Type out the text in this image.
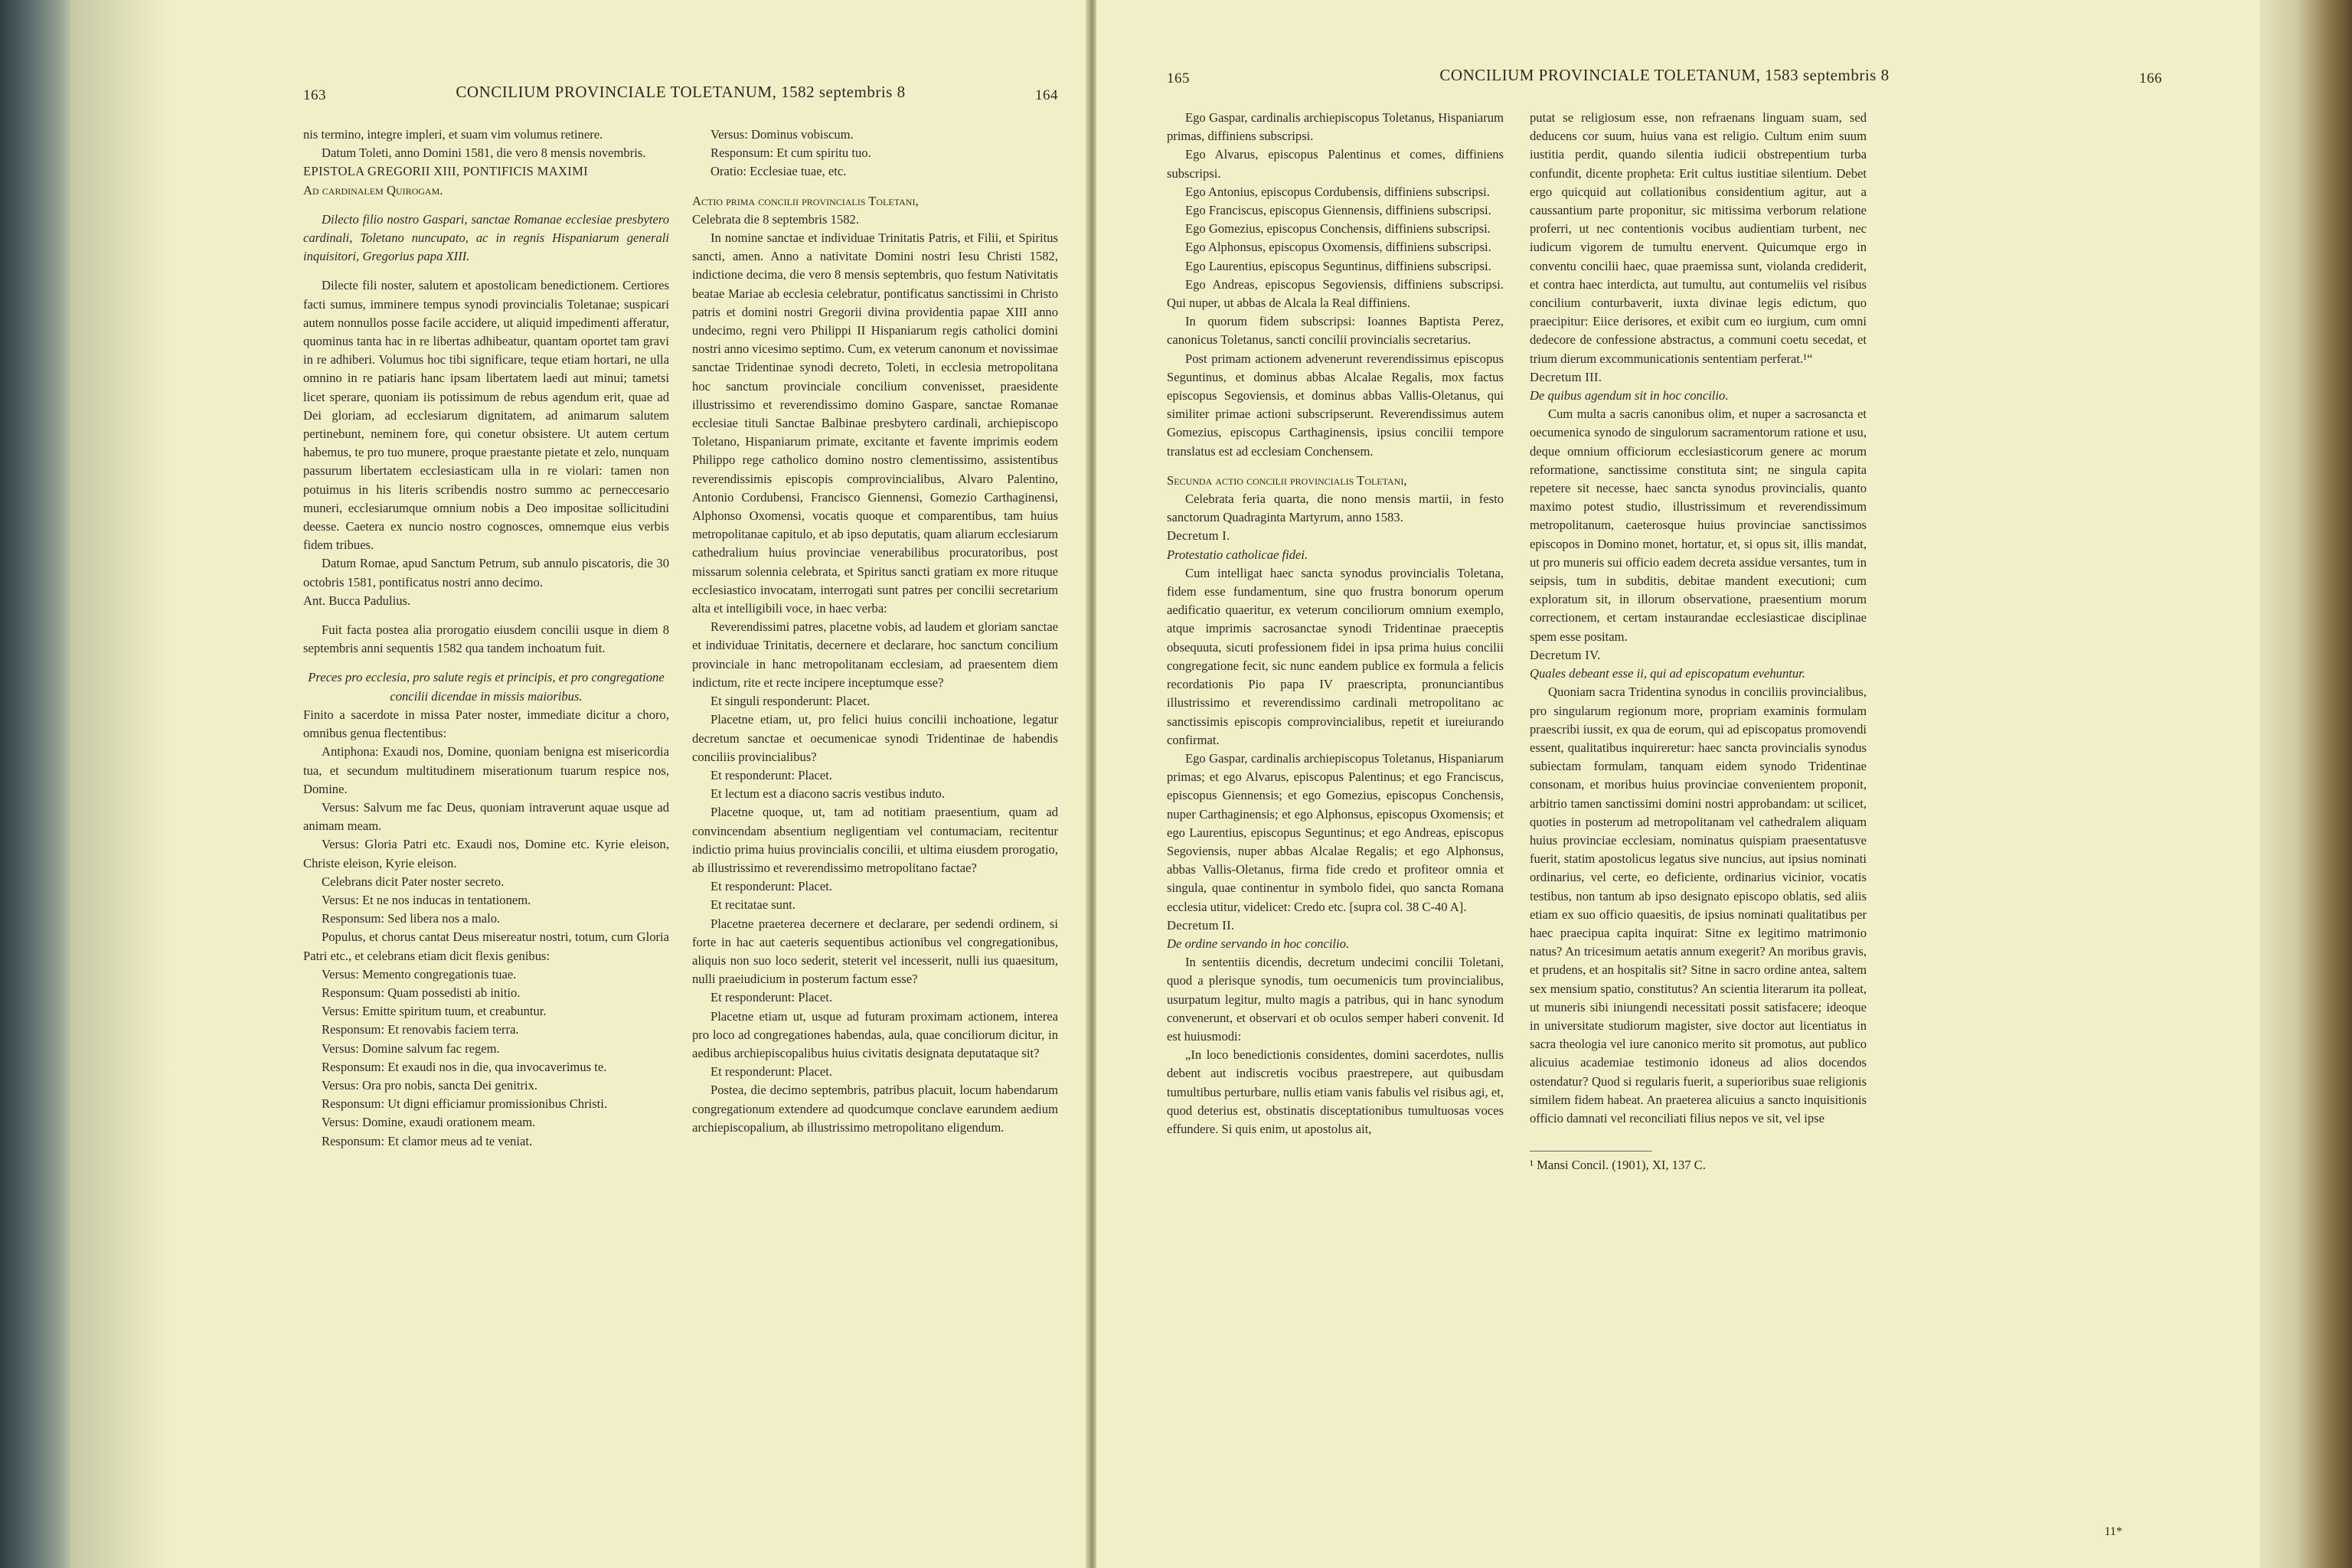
163	CONCILIUM PROVINCIALE TOLETANUM, 1582 septembris 8	164

nis termino, integre impleri, et suam vim volumus retinere.

Datum Toleti, anno Domini 1581, die vero 8 mensis novembris.

EPISTOLA GREGORII XIII, PONTIFICIS MAXIMI
Ad cardinalem Quirogam.

Dilecto filio nostro Gaspari, sanctae Romanae ecclesiae presbytero cardinali, Toletano nuncupato, ac in regnis Hispaniarum generali inquisitori, Gregorius papa XIII.

Dilecte fili noster, salutem et apostolicam benedictionem. Certiores facti sumus, imminere tempus synodi provincialis Toletanae; suspicari autem nonnullos posse facile accidere, ut aliquid impedimenti afferatur, quominus tanta hac in re libertas adhibeatur, quantam oportet tam gravi in re adhiberi. Volumus hoc tibi significare, teque etiam hortari, ne ulla omnino in re patiaris hanc ipsam libertatem laedi aut minui; tametsi licet sperare, quoniam iis potissimum de rebus agendum erit, quae ad Dei gloriam, ad ecclesiarum dignitatem, ad animarum salutem pertinebunt, neminem fore, qui conetur obsistere. Ut autem certum habemus, te pro tuo munere, proque praestante pietate et zelo, nunquam passurum libertatem ecclesiasticam ulla in re violari: tamen non potuimus in his literis scribendis nostro summo ac perneccesario muneri, ecclesiarumque omnium nobis a Deo impositae sollicitudini deesse. Caetera ex nuncio nostro cognosces, omnemque eius verbis fidem tribues.

Datum Romae, apud Sanctum Petrum, sub annulo piscatoris, die 30 octobris 1581, pontificatus nostri anno decimo.

Ant. Bucca Padulius.

Fuit facta postea alia prorogatio eiusdem concilii usque in diem 8 septembris anni sequentis 1582 qua tandem inchoatum fuit.

Preces pro ecclesia, pro salute regis et principis, et pro congregatione concilii dicendae in missis maioribus.

Finito a sacerdote in missa Pater noster, immediate dicitur a choro, omnibus genua flectentibus:

Antiphona: Exaudi nos, Domine, quoniam benigna est misericordia tua, et secundum multitudinem miserationum tuarum respice nos, Domine.

Versus: Salvum me fac Deus, quoniam intraverunt aquae usque ad animam meam.

Versus: Gloria Patri etc. Exaudi nos, Domine etc. Kyrie eleison, Christe eleison, Kyrie eleison.

Celebrans dicit Pater noster secreto.

Versus: Et ne nos inducas in tentationem.

Responsum: Sed libera nos a malo.

Populus, et chorus cantat Deus misereatur nostri, totum, cum Gloria Patri etc., et celebrans etiam dicit flexis genibus:

Versus: Memento congregationis tuae.

Responsum: Quam possedisti ab initio.

Versus: Emitte spiritum tuum, et creabuntur.

Responsum: Et renovabis faciem terra.

Versus: Domine salvum fac regem.

Responsum: Et exaudi nos in die, qua invocaverimus te.

Versus: Ora pro nobis, sancta Dei genitrix.

Responsum: Ut digni efficiamur promissionibus Christi.

Versus: Domine, exaudi orationem meam.

Responsum: Et clamor meus ad te veniat.

Versus: Dominus vobiscum.

Responsum: Et cum spiritu tuo.

Oratio: Ecclesiae tuae, etc.

Actio prima concilii provincialis Toletani,
Celebrata die 8 septembris 1582.

In nomine sanctae et individuae Trinitatis Patris, et Filii, et Spiritus sancti, amen. Anno a nativitate Domini nostri Iesu Christi 1582, indictione decima, die vero 8 mensis septembris, quo festum Nativitatis beatae Mariae ab ecclesia celebratur, pontificatus sanctissimi in Christo patris et domini nostri Gregorii divina providentia papae XIII anno undecimo, regni vero Philippi II Hispaniarum regis catholici domini nostri anno vicesimo septimo. Cum, ex veterum canonum et novissimae sanctae Tridentinae synodi decreto, Toleti, in ecclesia metropolitana hoc sanctum provinciale concilium convenisset, praesidente illustrissimo et reverendissimo domino Gaspare, sanctae Romanae ecclesiae tituli Sanctae Balbinae presbytero cardinali, archiepiscopo Toletano, Hispaniarum primate, excitante et favente imprimis eodem Philippo rege catholico domino nostro clementissimo, assistentibus reverendissimis episcopis comprovincialibus, Alvaro Palentino, Antonio Cordubensi, Francisco Giennensi, Gomezio Carthaginensi, Alphonso Oxomensi, vocatis quoque et comparentibus, tam huius metropolitanae capitulo, et ab ipso deputatis, quam aliarum ecclesiarum cathedralium huius provinciae venerabilibus procuratoribus, post missarum solennia celebrata, et Spiritus sancti gratiam ex more rituque ecclesiastico invocatam, interrogati sunt patres per concilii secretarium alta et intelligibili voce, in haec verba:

Reverendissimi patres, placetne vobis, ad laudem et gloriam sanctae et individuae Trinitatis, decernere et declarare, hoc sanctum concilium provinciale in hanc metropolitanam ecclesiam, ad praesentem diem indictum, rite et recte incipere inceptumque esse?

Et singuli responderunt: Placet.

Placetne etiam, ut, pro felici huius concilii inchoatione, legatur decretum sanctae et oecumenicae synodi Tridentinae de habendis conciliis provincialibus?

Et responderunt: Placet.

Et lectum est a diacono sacris vestibus induto.

Placetne quoque, ut, tam ad notitiam praesentium, quam ad convincendam absentium negligentiam vel contumaciam, recitentur indictio prima huius provincialis concilii, et ultima eiusdem prorogatio, ab illustrissimo et reverendissimo metropolitano factae?

Et responderunt: Placet.

Et recitatae sunt.

Placetne praeterea decernere et declarare, per sedendi ordinem, si forte in hac aut caeteris sequentibus actionibus vel congregationibus, aliquis non suo loco sederit, steterit vel incesserit, nulli ius quaesitum, nulli praeiudicium in posterum factum esse?

Et responderunt: Placet.

Placetne etiam ut, usque ad futuram proximam actionem, interea pro loco ad congregationes habendas, aula, quae conciliorum dicitur, in aedibus archiepiscopalibus huius civitatis designata deputataque sit?

Et responderunt: Placet.

Postea, die decimo septembris, patribus placuit, locum habendarum congregationum extendere ad quodcumque conclave earundem aedium archiepiscopalium, ab illustrissimo metropolitano eligendum.

165	CONCILIUM PROVINCIALE TOLETANUM, 1583 septembris 8	166

Ego Gaspar, cardinalis archiepiscopus Toletanus, Hispaniarum primas, diffiniens subscripsi.

Ego Alvarus, episcopus Palentinus et comes, diffiniens subscripsi.

Ego Antonius, episcopus Cordubensis, diffiniens subscripsi.

Ego Franciscus, episcopus Giennensis, diffiniens subscripsi.

Ego Gomezius, episcopus Conchensis, diffiniens subscripsi.

Ego Alphonsus, episcopus Oxomensis, diffiniens subscripsi.

Ego Laurentius, episcopus Seguntinus, diffiniens subscripsi.

Ego Andreas, episcopus Segoviensis, diffiniens subscripsi. Qui nuper, ut abbas de Alcala la Real diffiniens.

In quorum fidem subscripsi: Ioannes Baptista Perez, canonicus Toletanus, sancti concilii provincialis secretarius.

Post primam actionem advenerunt reverendissimus episcopus Seguntinus, et dominus abbas Alcalae Regalis, mox factus episcopus Segoviensis, et dominus abbas Vallis-Oletanus, qui similiter primae actioni subscripserunt. Reverendissimus autem Gomezius, episcopus Carthaginensis, ipsius concilii tempore translatus est ad ecclesiam Conchensem.

Secunda actio concilii provincialis Toletani,

Celebrata feria quarta, die nono mensis martii, in festo sanctorum Quadraginta Martyrum, anno 1583.

Decretum I.
Protestatio catholicae fidei.

Cum intelligat haec sancta synodus provincialis Toletana, fidem esse fundamentum, sine quo frustra bonorum operum aedificatio quaeritur, ex veterum conciliorum omnium exemplo, atque imprimis sacrosanctae synodi Tridentinae praeceptis obsequuta, sicuti professionem fidei in ipsa prima huius concilii congregatione fecit, sic nunc eandem publice ex formula a felicis recordationis Pio papa IV praescripta, pronunciantibus illustrissimo et reverendissimo cardinali metropolitano ac sanctissimis episcopis comprovincialibus, repetit et iureiurando confirmat.

Ego Gaspar, cardinalis archiepiscopus Toletanus, Hispaniarum primas; et ego Alvarus, episcopus Palentinus; et ego Franciscus, episcopus Giennensis; et ego Gomezius, episcopus Conchensis, nuper Carthaginensis; et ego Alphonsus, episcopus Oxomensis; et ego Laurentius, episcopus Seguntinus; et ego Andreas, episcopus Segoviensis, nuper abbas Alcalae Regalis; et ego Alphonsus, abbas Vallis-Oletanus, firma fide credo et profiteor omnia et singula, quae continentur in symbolo fidei, quo sancta Romana ecclesia utitur, videlicet: Credo etc. [supra col. 38 C-40 A].

Decretum II.
De ordine servando in hoc concilio.

In sententiis dicendis, decretum undecimi concilii Toletani, quod a plerisque synodis, tum oecumenicis tum provincialibus, usurpatum legitur, multo magis a patribus, qui in hanc synodum convenerunt, et observari et ob oculos semper haberi convenit. Id est huiusmodi:

„In loco benedictionis considentes, domini sacerdotes, nullis debent aut indiscretis vocibus praestrepere, aut quibusdam tumultibus perturbare, nullis etiam vanis fabulis vel risibus agi, et, quod deterius est, obstinatis disceptationibus tumultuosas voces effundere. Si quis enim, ut apostolus ait,

putat se religiosum esse, non refraenans linguam suam, sed deducens cor suum, huius vana est religio. Cultum enim suum iustitia perdit, quando silentia iudicii obstrepentium turba confundit, dicente propheta: Erit cultus iustitiae silentium. Debet ergo quicquid aut collationibus considentium agitur, aut a caussantium parte proponitur, sic mitissima verborum relatione proferri, ut nec contentionis vocibus audientiam turbent, nec iudicum vigorem de tumultu enervent. Quicumque ergo in conventu concilii haec, quae praemissa sunt, violanda crediderit, et contra haec interdicta, aut tumultu, aut contumeliis vel risibus concilium conturbaverit, iuxta divinae legis edictum, quo praecipitur: Eiice derisores, et exibit cum eo iurgium, cum omni dedecore de confessione abstractus, a communi coetu secedat, et trium dierum excommunicationis sententiam perferat.¹“

Decretum III.
De quibus agendum sit in hoc concilio.

Cum multa a sacris canonibus olim, et nuper a sacrosancta et oecumenica synodo de singulorum sacramentorum ratione et usu, deque omnium officiorum ecclesiasticorum genere ac morum reformatione, sanctissime constituta sint; ne singula capita repetere sit necesse, haec sancta synodus provincialis, quanto maximo potest studio, illustrissimum et reverendissimum metropolitanum, caeterosque huius provinciae sanctissimos episcopos in Domino monet, hortatur, et, si opus sit, illis mandat, ut pro muneris sui officio eadem decreta assidue versantes, tum in seipsis, tum in subditis, debitae mandent executioni; cum exploratum sit, in illorum observatione, praesentium morum correctionem, et certam instaurandae ecclesiasticae disciplinae spem esse positam.

Decretum IV.
Quales debeant esse ii, qui ad episcopatum evehuntur.

Quoniam sacra Tridentina synodus in conciliis provincialibus, pro singularum regionum more, propriam examinis formulam praescribi iussit, ex qua de eorum, qui ad episcopatus promovendi essent, qualitatibus inquireretur: haec sancta provincialis synodus subiectam formulam, tanquam eidem synodo Tridentinae consonam, et moribus huius provinciae convenientem proponit, arbitrio tamen sanctissimi domini nostri approbandam: ut scilicet, quoties in posterum ad metropolitanam vel cathedralem aliquam huius provinciae ecclesiam, nominatus quispiam praesentatusve fuerit, statim apostolicus legatus sive nuncius, aut ipsius nominati ordinarius, vel certe, eo deficiente, ordinarius vicinior, vocatis testibus, non tantum ab ipso designato episcopo oblatis, sed aliis etiam ex suo officio quaesitis, de ipsius nominati qualitatibus per haec praecipua capita inquirat: Sitne ex legitimo matrimonio natus? An tricesimum aetatis annum exegerit? An moribus gravis, et prudens, et an hospitalis sit? Sitne in sacro ordine antea, saltem sex mensium spatio, constitutus? An scientia literarum ita polleat, ut muneris sibi iniungendi necessitati possit satisfacere; ideoque in universitate studiorum magister, sive doctor aut licentiatus in sacra theologia vel iure canonico merito sit promotus, aut publico alicuius academiae testimonio idoneus ad alios docendos ostendatur? Quod si regularis fuerit, a superioribus suae religionis similem fidem habeat. An praeterea alicuius a sancto inquisitionis officio damnati vel reconciliati filius nepos ve sit, vel ipse

¹ Mansi Concil. (1901), XI, 137 C.
11*
